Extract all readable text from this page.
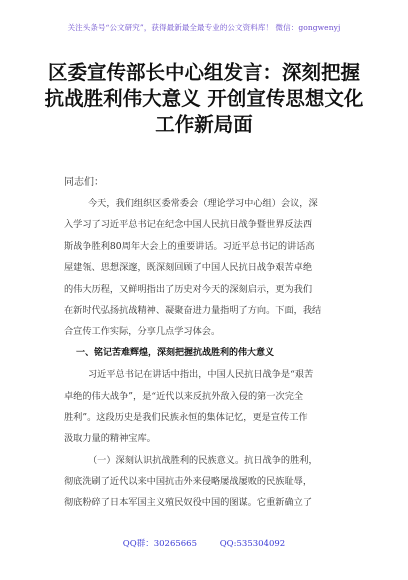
关注头条号“公文研究”，获得最新最全最专业的公文资料库！ 微信：gongwenyj
区委宣传部长中心组发言：深刻把握
抗战胜利伟大意义 开创宣传思想文化
工作新局面
同志们：
今天，我们组织区委常委会（理论学习中心组）会议，深
入学习了习近平总书记在纪念中国人民抗日战争暨世界反法西
斯战争胜利80周年大会上的重要讲话。习近平总书记的讲话高
屋建瓴、思想深邃，既深刻回顾了中国人民抗日战争艰苦卓绝
的伟大历程，又鲜明指出了历史对今天的深刻启示，更为我们
在新时代弘扬抗战精神、凝聚奋进力量指明了方向。下面，我结
合宣传工作实际，分享几点学习体会。
一、铭记苦难辉煌，深刻把握抗战胜利的伟大意义
习近平总书记在讲话中指出，中国人民抗日战争是“艰苦
卓绝的伟大战争”，是“近代以来反抗外敌入侵的第一次完全
胜利”。这段历史是我们民族永恒的集体记忆，更是宣传工作
汲取力量的精神宝库。
（一）深刻认识抗战胜利的民族意义。抗日战争的胜利，
彻底洗刷了近代以来中国抗击外来侵略屡战屡败的民族耻辱，
彻底粉碎了日本军国主义殖民奴役中国的图谋。它重新确立了
QQ群：30265665	QQ:535304092
